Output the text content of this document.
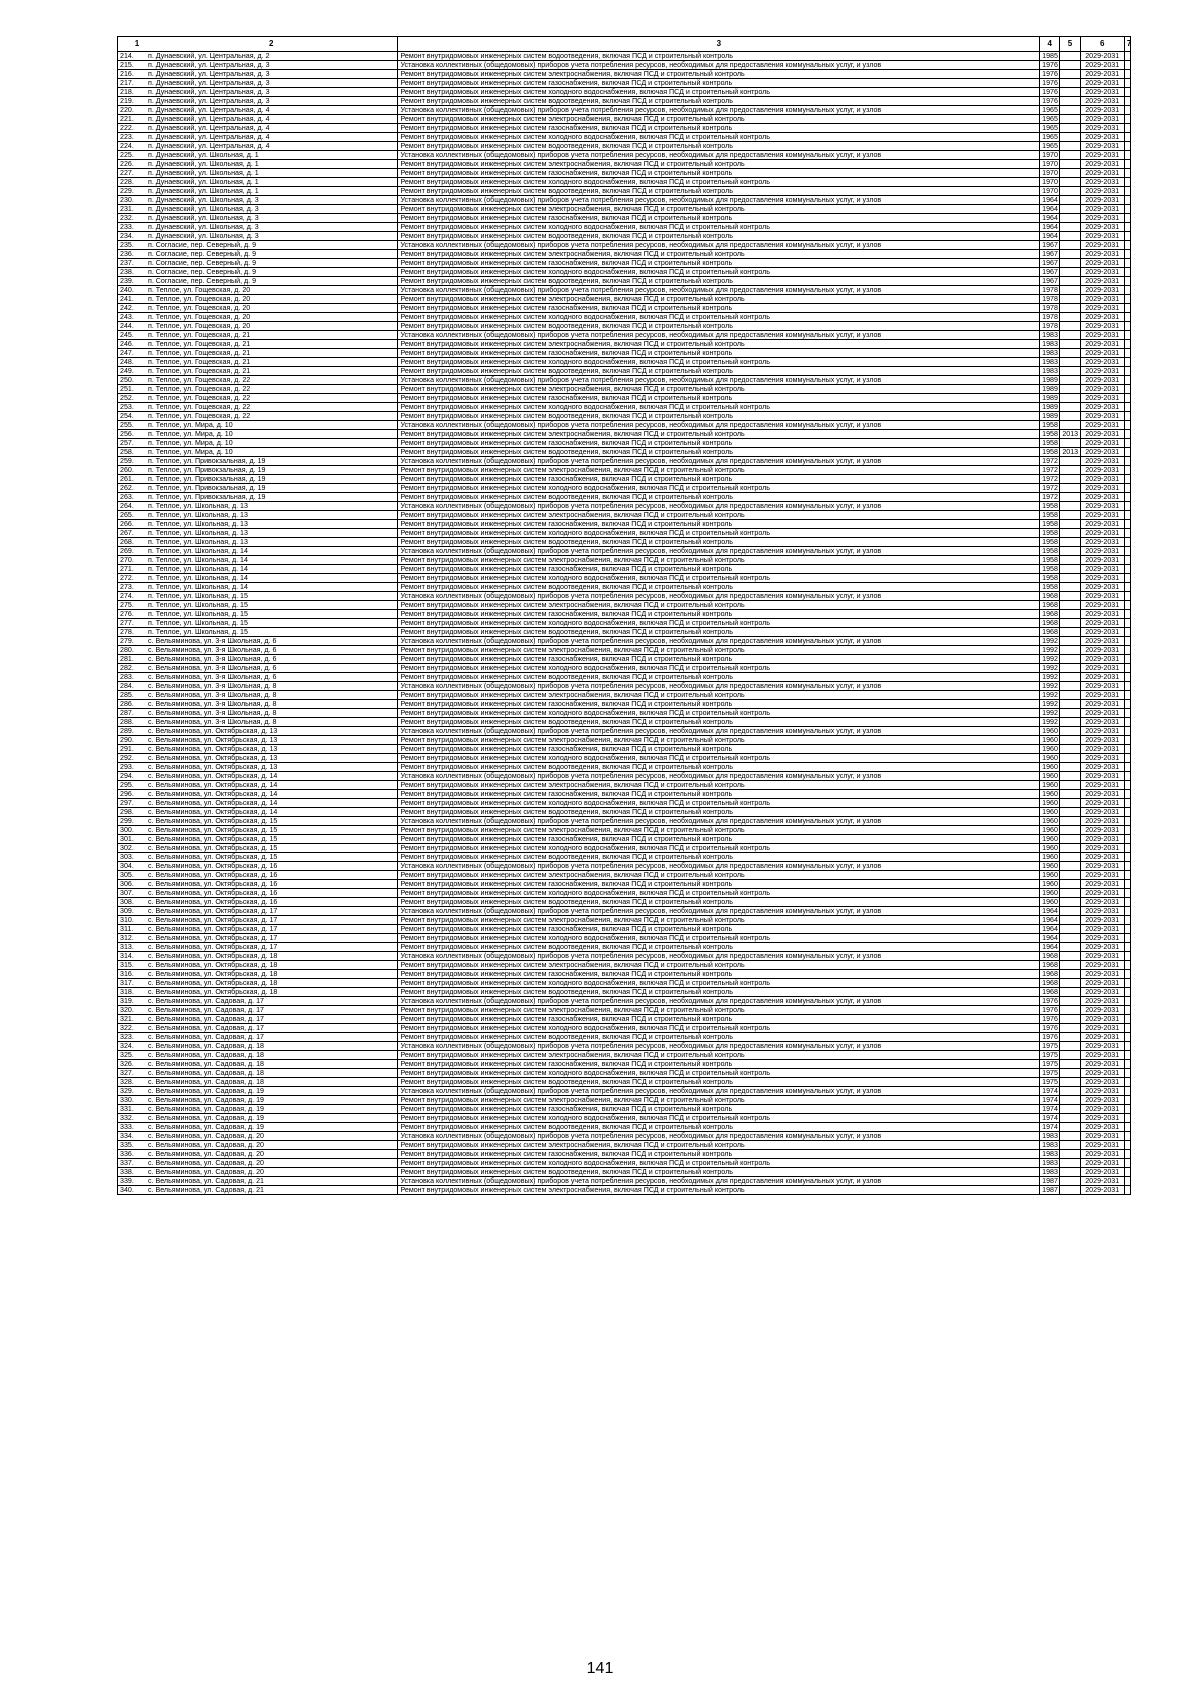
1 2	3	4	5	6	7
214. п. Дунаевский, ул. Центральная, д. 2	Ремонт внутридомовых инженерных систем водоотведения, включая ПСД и строительный контроль	1985		2029-2031	
215. п. Дунаевский, ул. Центральная, д. 3	Установка коллективных (общедомовых) приборов учета потребления ресурсов, необходимых для предоставления коммунальных услуг, и узлов	1976		2029-2031	
216. п. Дунаевский, ул. Центральная, д. 3	Ремонт внутридомовых инженерных систем электроснабжения, включая ПСД и строительный контроль	1976		2029-2031	
217. п. Дунаевский, ул. Центральная, д. 3	Ремонт внутридомовых инженерных систем газоснабжения, включая ПСД и строительный контроль	1976		2029-2031	
218. п. Дунаевский, ул. Центральная, д. 3	Ремонт внутридомовых инженерных систем холодного водоснабжения, включая ПСД и строительный контроль	1976		2029-2031	
219. п. Дунаевский, ул. Центральная, д. 3	Ремонт внутридомовых инженерных систем водоотведения, включая ПСД и строительный контроль	1976		2029-2031	
220. п. Дунаевский, ул. Центральная, д. 4	Установка коллективных (общедомовых) приборов учета потребления ресурсов, необходимых для предоставления коммунальных услуг, и узлов	1965		2029-2031	
221. п. Дунаевский, ул. Центральная, д. 4	Ремонт внутридомовых инженерных систем электроснабжения, включая ПСД и строительный контроль	1965		2029-2031	
222. п. Дунаевский, ул. Центральная, д. 4	Ремонт внутридомовых инженерных систем газоснабжения, включая ПСД и строительный контроль	1965		2029-2031	
223. п. Дунаевский, ул. Центральная, д. 4	Ремонт внутридомовых инженерных систем холодного водоснабжения, включая ПСД и строительный контроль	1965		2029-2031	
224. п. Дунаевский, ул. Центральная, д. 4	Ремонт внутридомовых инженерных систем водоотведения, включая ПСД и строительный контроль	1965		2029-2031	
225. п. Дунаевский, ул. Школьная, д. 1	Установка коллективных (общедомовых) приборов учета потребления ресурсов, необходимых для предоставления коммунальных услуг, и узлов	1970		2029-2031	
226. п. Дунаевский, ул. Школьная, д. 1	Ремонт внутридомовых инженерных систем электроснабжения, включая ПСД и строительный контроль	1970		2029-2031	
227. п. Дунаевский, ул. Школьная, д. 1	Ремонт внутридомовых инженерных систем газоснабжения, включая ПСД и строительный контроль	1970		2029-2031	
228. п. Дунаевский, ул. Школьная, д. 1	Ремонт внутридомовых инженерных систем холодного водоснабжения, включая ПСД и строительный контроль	1970		2029-2031	
229. п. Дунаевский, ул. Школьная, д. 1	Ремонт внутридомовых инженерных систем водоотведения, включая ПСД и строительный контроль	1970		2029-2031	
230. п. Дунаевский, ул. Школьная, д. 3	Установка коллективных (общедомовых) приборов учета потребления ресурсов, необходимых для предоставления коммунальных услуг, и узлов	1964		2029-2031	
231. п. Дунаевский, ул. Школьная, д. 3	Ремонт внутридомовых инженерных систем электроснабжения, включая ПСД и строительный контроль	1964		2029-2031	
232. п. Дунаевский, ул. Школьная, д. 3	Ремонт внутридомовых инженерных систем газоснабжения, включая ПСД и строительный контроль	1964		2029-2031	
233. п. Дунаевский, ул. Школьная, д. 3	Ремонт внутридомовых инженерных систем холодного водоснабжения, включая ПСД и строительный контроль	1964		2029-2031	
234. п. Дунаевский, ул. Школьная, д. 3	Ремонт внутридомовых инженерных систем водоотведения, включая ПСД и строительный контроль	1964		2029-2031	
235. п. Согласие, пер. Северный, д. 9	Установка коллективных (общедомовых) приборов учета потребления ресурсов, необходимых для предоставления коммунальных услуг, и узлов	1967		2029-2031	
236. п. Согласие, пер. Северный, д. 9	Ремонт внутридомовых инженерных систем электроснабжения, включая ПСД и строительный контроль	1967		2029-2031	
237. п. Согласие, пер. Северный, д. 9	Ремонт внутридомовых инженерных систем газоснабжения, включая ПСД и строительный контроль	1967		2029-2031	
238. п. Согласие, пер. Северный, д. 9	Ремонт внутридомовых инженерных систем холодного водоснабжения, включая ПСД и строительный контроль	1967		2029-2031	
239. п. Согласие, пер. Северный, д. 9	Ремонт внутридомовых инженерных систем водоотведения, включая ПСД и строительный контроль	1967		2029-2031	
240. п. Теплое, ул. Гощевская, д. 20	Установка коллективных (общедомовых) приборов учета потребления ресурсов, необходимых для предоставления коммунальных услуг, и узлов	1978		2029-2031	
241. п. Теплое, ул. Гощевская, д. 20	Ремонт внутридомовых инженерных систем электроснабжения, включая ПСД и строительный контроль	1978		2029-2031	
242. п. Теплое, ул. Гощевская, д. 20	Ремонт внутридомовых инженерных систем газоснабжения, включая ПСД и строительный контроль	1978		2029-2031	
243. п. Теплое, ул. Гощевская, д. 20	Ремонт внутридомовых инженерных систем холодного водоснабжения, включая ПСД и строительный контроль	1978		2029-2031	
244. п. Теплое, ул. Гощевская, д. 20	Ремонт внутридомовых инженерных систем водоотведения, включая ПСД и строительный контроль	1978		2029-2031	
245. п. Теплое, ул. Гощевская, д. 21	Установка коллективных (общедомовых) приборов учета потребления ресурсов, необходимых для предоставления коммунальных услуг, и узлов	1983		2029-2031	
246. п. Теплое, ул. Гощевская, д. 21	Ремонт внутридомовых инженерных систем электроснабжения, включая ПСД и строительный контроль	1983		2029-2031	
247. п. Теплое, ул. Гощевская, д. 21	Ремонт внутридомовых инженерных систем газоснабжения, включая ПСД и строительный контроль	1983		2029-2031	
248. п. Теплое, ул. Гощевская, д. 21	Ремонт внутридомовых инженерных систем холодного водоснабжения, включая ПСД и строительный контроль	1983		2029-2031	
249. п. Теплое, ул. Гощевская, д. 21	Ремонт внутридомовых инженерных систем водоотведения, включая ПСД и строительный контроль	1983		2029-2031	
250. п. Теплое, ул. Гощевская, д. 22	Установка коллективных (общедомовых) приборов учета потребления ресурсов, необходимых для предоставления коммунальных услуг, и узлов	1989		2029-2031	
251. п. Теплое, ул. Гощевская, д. 22	Ремонт внутридомовых инженерных систем электроснабжения, включая ПСД и строительный контроль	1989		2029-2031	
252. п. Теплое, ул. Гощевская, д. 22	Ремонт внутридомовых инженерных систем газоснабжения, включая ПСД и строительный контроль	1989		2029-2031	
253. п. Теплое, ул. Гощевская, д. 22	Ремонт внутридомовых инженерных систем холодного водоснабжения, включая ПСД и строительный контроль	1989		2029-2031	
254. п. Теплое, ул. Гощевская, д. 22	Ремонт внутридомовых инженерных систем водоотведения, включая ПСД и строительный контроль	1989		2029-2031	
255. п. Теплое, ул. Мира, д. 10	Установка коллективных (общедомовых) приборов учета потребления ресурсов, необходимых для предоставления коммунальных услуг, и узлов	1958		2029-2031	
256. п. Теплое, ул. Мира, д. 10	Ремонт внутридомовых инженерных систем электроснабжения, включая ПСД и строительный контроль	1958	2013	2029-2031	
257. п. Теплое, ул. Мира, д. 10	Ремонт внутридомовых инженерных систем газоснабжения, включая ПСД и строительный контроль	1958		2029-2031	
258. п. Теплое, ул. Мира, д. 10	Ремонт внутридомовых инженерных систем водоотведения, включая ПСД и строительный контроль	1958	2013	2029-2031	
259. п. Теплое, ул. Привокзальная, д. 19	Установка коллективных (общедомовых) приборов учета потребления ресурсов, необходимых для предоставления коммунальных услуг, и узлов	1972		2029-2031	
260. п. Теплое, ул. Привокзальная, д. 19	Ремонт внутридомовых инженерных систем электроснабжения, включая ПСД и строительный контроль	1972		2029-2031	
261. п. Теплое, ул. Привокзальная, д. 19	Ремонт внутридомовых инженерных систем газоснабжения, включая ПСД и строительный контроль	1972		2029-2031	
262. п. Теплое, ул. Привокзальная, д. 19	Ремонт внутридомовых инженерных систем холодного водоснабжения, включая ПСД и строительный контроль	1972		2029-2031	
263. п. Теплое, ул. Привокзальная, д. 19	Ремонт внутридомовых инженерных систем водоотведения, включая ПСД и строительный контроль	1972		2029-2031	
264. п. Теплое, ул. Школьная, д. 13	Установка коллективных (общедомовых) приборов учета потребления ресурсов, необходимых для предоставления коммунальных услуг, и узлов	1958		2029-2031	
265. п. Теплое, ул. Школьная, д. 13	Ремонт внутридомовых инженерных систем электроснабжения, включая ПСД и строительный контроль	1958		2029-2031	
266. п. Теплое, ул. Школьная, д. 13	Ремонт внутридомовых инженерных систем газоснабжения, включая ПСД и строительный контроль	1958		2029-2031	
267. п. Теплое, ул. Школьная, д. 13	Ремонт внутридомовых инженерных систем холодного водоснабжения, включая ПСД и строительный контроль	1958		2029-2031	
268. п. Теплое, ул. Школьная, д. 13	Ремонт внутридомовых инженерных систем водоотведения, включая ПСД и строительный контроль	1958		2029-2031	
269. п. Теплое, ул. Школьная, д. 14	Установка коллективных (общедомовых) приборов учета потребления ресурсов, необходимых для предоставления коммунальных услуг, и узлов	1958		2029-2031	
270. п. Теплое, ул. Школьная, д. 14	Ремонт внутридомовых инженерных систем электроснабжения, включая ПСД и строительный контроль	1958		2029-2031	
271. п. Теплое, ул. Школьная, д. 14	Ремонт внутридомовых инженерных систем газоснабжения, включая ПСД и строительный контроль	1958		2029-2031	
272. п. Теплое, ул. Школьная, д. 14	Ремонт внутридомовых инженерных систем холодного водоснабжения, включая ПСД и строительный контроль	1958		2029-2031	
273. п. Теплое, ул. Школьная, д. 14	Ремонт внутридомовых инженерных систем водоотведения, включая ПСД и строительный контроль	1958		2029-2031	
274. п. Теплое, ул. Школьная, д. 15	Установка коллективных (общедомовых) приборов учета потребления ресурсов, необходимых для предоставления коммунальных услуг, и узлов	1968		2029-2031	
275. п. Теплое, ул. Школьная, д. 15	Ремонт внутридомовых инженерных систем электроснабжения, включая ПСД и строительный контроль	1968		2029-2031	
276. п. Теплое, ул. Школьная, д. 15	Ремонт внутридомовых инженерных систем газоснабжения, включая ПСД и строительный контроль	1968		2029-2031	
277. п. Теплое, ул. Школьная, д. 15	Ремонт внутридомовых инженерных систем холодного водоснабжения, включая ПСД и строительный контроль	1968		2029-2031	
278. п. Теплое, ул. Школьная, д. 15	Ремонт внутридомовых инженерных систем водоотведения, включая ПСД и строительный контроль	1968		2029-2031	
279. с. Вельяминова, ул. 3-я Школьная, д. 6	Установка коллективных (общедомовых) приборов учета потребления ресурсов, необходимых для предоставления коммунальных услуг, и узлов	1992		2029-2031	
280. с. Вельяминова, ул. 3-я Школьная, д. 6	Ремонт внутридомовых инженерных систем электроснабжения, включая ПСД и строительный контроль	1992		2029-2031	
281. с. Вельяминова, ул. 3-я Школьная, д. 6	Ремонт внутридомовых инженерных систем газоснабжения, включая ПСД и строительный контроль	1992		2029-2031	
282. с. Вельяминова, ул. 3-я Школьная, д. 6	Ремонт внутридомовых инженерных систем холодного водоснабжения, включая ПСД и строительный контроль	1992		2029-2031	
283. с. Вельяминова, ул. 3-я Школьная, д. 6	Ремонт внутридомовых инженерных систем водоотведения, включая ПСД и строительный контроль	1992		2029-2031	
284. с. Вельяминова, ул. 3-я Школьная, д. 8	Установка коллективных (общедомовых) приборов учета потребления ресурсов, необходимых для предоставления коммунальных услуг, и узлов	1992		2029-2031	
285. с. Вельяминова, ул. 3-я Школьная, д. 8	Ремонт внутридомовых инженерных систем электроснабжения, включая ПСД и строительный контроль	1992		2029-2031	
286. с. Вельяминова, ул. 3-я Школьная, д. 8	Ремонт внутридомовых инженерных систем газоснабжения, включая ПСД и строительный контроль	1992		2029-2031	
287. с. Вельяминова, ул. 3-я Школьная, д. 8	Ремонт внутридомовых инженерных систем холодного водоснабжения, включая ПСД и строительный контроль	1992		2029-2031	
288. с. Вельяминова, ул. 3-я Школьная, д. 8	Ремонт внутридомовых инженерных систем водоотведения, включая ПСД и строительный контроль	1992		2029-2031	
289. с. Вельяминова, ул. Октябрьская, д. 13	Установка коллективных (общедомовых) приборов учета потребления ресурсов, необходимых для предоставления коммунальных услуг, и узлов	1960		2029-2031	
290. с. Вельяминова, ул. Октябрьская, д. 13	Ремонт внутридомовых инженерных систем электроснабжения, включая ПСД и строительный контроль	1960		2029-2031	
291. с. Вельяминова, ул. Октябрьская, д. 13	Ремонт внутридомовых инженерных систем газоснабжения, включая ПСД и строительный контроль	1960		2029-2031	
292. с. Вельяминова, ул. Октябрьская, д. 13	Ремонт внутридомовых инженерных систем холодного водоснабжения, включая ПСД и строительный контроль	1960		2029-2031	
293. с. Вельяминова, ул. Октябрьская, д. 13	Ремонт внутридомовых инженерных систем водоотведения, включая ПСД и строительный контроль	1960		2029-2031	
294. с. Вельяминова, ул. Октябрьская, д. 14	Установка коллективных (общедомовых) приборов учета потребления ресурсов, необходимых для предоставления коммунальных услуг, и узлов	1960		2029-2031	
295. с. Вельяминова, ул. Октябрьская, д. 14	Ремонт внутридомовых инженерных систем электроснабжения, включая ПСД и строительный контроль	1960		2029-2031	
296. с. Вельяминова, ул. Октябрьская, д. 14	Ремонт внутридомовых инженерных систем газоснабжения, включая ПСД и строительный контроль	1960		2029-2031	
297. с. Вельяминова, ул. Октябрьская, д. 14	Ремонт внутридомовых инженерных систем холодного водоснабжения, включая ПСД и строительный контроль	1960		2029-2031	
298. с. Вельяминова, ул. Октябрьская, д. 14	Ремонт внутридомовых инженерных систем водоотведения, включая ПСД и строительный контроль	1960		2029-2031	
299. с. Вельяминова, ул. Октябрьская, д. 15	Установка коллективных (общедомовых) приборов учета потребления ресурсов, необходимых для предоставления коммунальных услуг, и узлов	1960		2029-2031	
300. с. Вельяминова, ул. Октябрьская, д. 15	Ремонт внутридомовых инженерных систем электроснабжения, включая ПСД и строительный контроль	1960		2029-2031	
301. с. Вельяминова, ул. Октябрьская, д. 15	Ремонт внутридомовых инженерных систем газоснабжения, включая ПСД и строительный контроль	1960		2029-2031	
302. с. Вельяминова, ул. Октябрьская, д. 15	Ремонт внутридомовых инженерных систем холодного водоснабжения, включая ПСД и строительный контроль	1960		2029-2031	
303. с. Вельяминова, ул. Октябрьская, д. 15	Ремонт внутридомовых инженерных систем водоотведения, включая ПСД и строительный контроль	1960		2029-2031	
304. с. Вельяминова, ул. Октябрьская, д. 16	Установка коллективных (общедомовых) приборов учета потребления ресурсов, необходимых для предоставления коммунальных услуг, и узлов	1960		2029-2031	
305. с. Вельяминова, ул. Октябрьская, д. 16	Ремонт внутридомовых инженерных систем электроснабжения, включая ПСД и строительный контроль	1960		2029-2031	
306. с. Вельяминова, ул. Октябрьская, д. 16	Ремонт внутридомовых инженерных систем газоснабжения, включая ПСД и строительный контроль	1960		2029-2031	
307. с. Вельяминова, ул. Октябрьская, д. 16	Ремонт внутридомовых инженерных систем холодного водоснабжения, включая ПСД и строительный контроль	1960		2029-2031	
308. с. Вельяминова, ул. Октябрьская, д. 16	Ремонт внутридомовых инженерных систем водоотведения, включая ПСД и строительный контроль	1960		2029-2031	
309. с. Вельяминова, ул. Октябрьская, д. 17	Установка коллективных (общедомовых) приборов учета потребления ресурсов, необходимых для предоставления коммунальных услуг, и узлов	1964		2029-2031	
310. с. Вельяминова, ул. Октябрьская, д. 17	Ремонт внутридомовых инженерных систем электроснабжения, включая ПСД и строительный контроль	1964		2029-2031	
311. с. Вельяминова, ул. Октябрьская, д. 17	Ремонт внутридомовых инженерных систем газоснабжения, включая ПСД и строительный контроль	1964		2029-2031	
312. с. Вельяминова, ул. Октябрьская, д. 17	Ремонт внутридомовых инженерных систем холодного водоснабжения, включая ПСД и строительный контроль	1964		2029-2031	
313. с. Вельяминова, ул. Октябрьская, д. 17	Ремонт внутридомовых инженерных систем водоотведения, включая ПСД и строительный контроль	1964		2029-2031	
314. с. Вельяминова, ул. Октябрьская, д. 18	Установка коллективных (общедомовых) приборов учета потребления ресурсов, необходимых для предоставления коммунальных услуг, и узлов	1968		2029-2031	
315. с. Вельяминова, ул. Октябрьская, д. 18	Ремонт внутридомовых инженерных систем электроснабжения, включая ПСД и строительный контроль	1968		2029-2031	
316. с. Вельяминова, ул. Октябрьская, д. 18	Ремонт внутридомовых инженерных систем газоснабжения, включая ПСД и строительный контроль	1968		2029-2031	
317. с. Вельяминова, ул. Октябрьская, д. 18	Ремонт внутридомовых инженерных систем холодного водоснабжения, включая ПСД и строительный контроль	1968		2029-2031	
318. с. Вельяминова, ул. Октябрьская, д. 18	Ремонт внутридомовых инженерных систем водоотведения, включая ПСД и строительный контроль	1968		2029-2031	
319. с. Вельяминова, ул. Садовая, д. 17	Установка коллективных (общедомовых) приборов учета потребления ресурсов, необходимых для предоставления коммунальных услуг, и узлов	1976		2029-2031	
320. с. Вельяминова, ул. Садовая, д. 17	Ремонт внутридомовых инженерных систем электроснабжения, включая ПСД и строительный контроль	1976		2029-2031	
321. с. Вельяминова, ул. Садовая, д. 17	Ремонт внутридомовых инженерных систем газоснабжения, включая ПСД и строительный контроль	1976		2029-2031	
322. с. Вельяминова, ул. Садовая, д. 17	Ремонт внутридомовых инженерных систем холодного водоснабжения, включая ПСД и строительный контроль	1976		2029-2031	
323. с. Вельяминова, ул. Садовая, д. 17	Ремонт внутридомовых инженерных систем водоотведения, включая ПСД и строительный контроль	1976		2029-2031	
324. с. Вельяминова, ул. Садовая, д. 18	Установка коллективных (общедомовых) приборов учета потребления ресурсов, необходимых для предоставления коммунальных услуг, и узлов	1975		2029-2031	
325. с. Вельяминова, ул. Садовая, д. 18	Ремонт внутридомовых инженерных систем электроснабжения, включая ПСД и строительный контроль	1975		2029-2031	
326. с. Вельяминова, ул. Садовая, д. 18	Ремонт внутридомовых инженерных систем газоснабжения, включая ПСД и строительный контроль	1975		2029-2031	
327. с. Вельяминова, ул. Садовая, д. 18	Ремонт внутридомовых инженерных систем холодного водоснабжения, включая ПСД и строительный контроль	1975		2029-2031	
328. с. Вельяминова, ул. Садовая, д. 18	Ремонт внутридомовых инженерных систем водоотведения, включая ПСД и строительный контроль	1975		2029-2031	
329. с. Вельяминова, ул. Садовая, д. 19	Установка коллективных (общедомовых) приборов учета потребления ресурсов, необходимых для предоставления коммунальных услуг, и узлов	1974		2029-2031	
330. с. Вельяминова, ул. Садовая, д. 19	Ремонт внутридомовых инженерных систем электроснабжения, включая ПСД и строительный контроль	1974		2029-2031	
331. с. Вельяминова, ул. Садовая, д. 19	Ремонт внутридомовых инженерных систем газоснабжения, включая ПСД и строительный контроль	1974		2029-2031	
332. с. Вельяминова, ул. Садовая, д. 19	Ремонт внутридомовых инженерных систем холодного водоснабжения, включая ПСД и строительный контроль	1974		2029-2031	
333. с. Вельяминова, ул. Садовая, д. 19	Ремонт внутридомовых инженерных систем водоотведения, включая ПСД и строительный контроль	1974		2029-2031	
334. с. Вельяминова, ул. Садовая, д. 20	Установка коллективных (общедомовых) приборов учета потребления ресурсов, необходимых для предоставления коммунальных услуг, и узлов	1983		2029-2031	
335. с. Вельяминова, ул. Садовая, д. 20	Ремонт внутридомовых инженерных систем электроснабжения, включая ПСД и строительный контроль	1983		2029-2031	
336. с. Вельяминова, ул. Садовая, д. 20	Ремонт внутридомовых инженерных систем газоснабжения, включая ПСД и строительный контроль	1983		2029-2031	
337. с. Вельяминова, ул. Садовая, д. 20	Ремонт внутридомовых инженерных систем холодного водоснабжения, включая ПСД и строительный контроль	1983		2029-2031	
338. с. Вельяминова, ул. Садовая, д. 20	Ремонт внутридомовых инженерных систем водоотведения, включая ПСД и строительный контроль	1983		2029-2031	
339. с. Вельяминова, ул. Садовая, д. 21	Установка коллективных (общедомовых) приборов учета потребления ресурсов, необходимых для предоставления коммунальных услуг, и узлов	1987		2029-2031	
340. с. Вельяминова, ул. Садовая, д. 21	Ремонт внутридомовых инженерных систем электроснабжения, включая ПСД и строительный контроль	1987		2029-2031	
141
